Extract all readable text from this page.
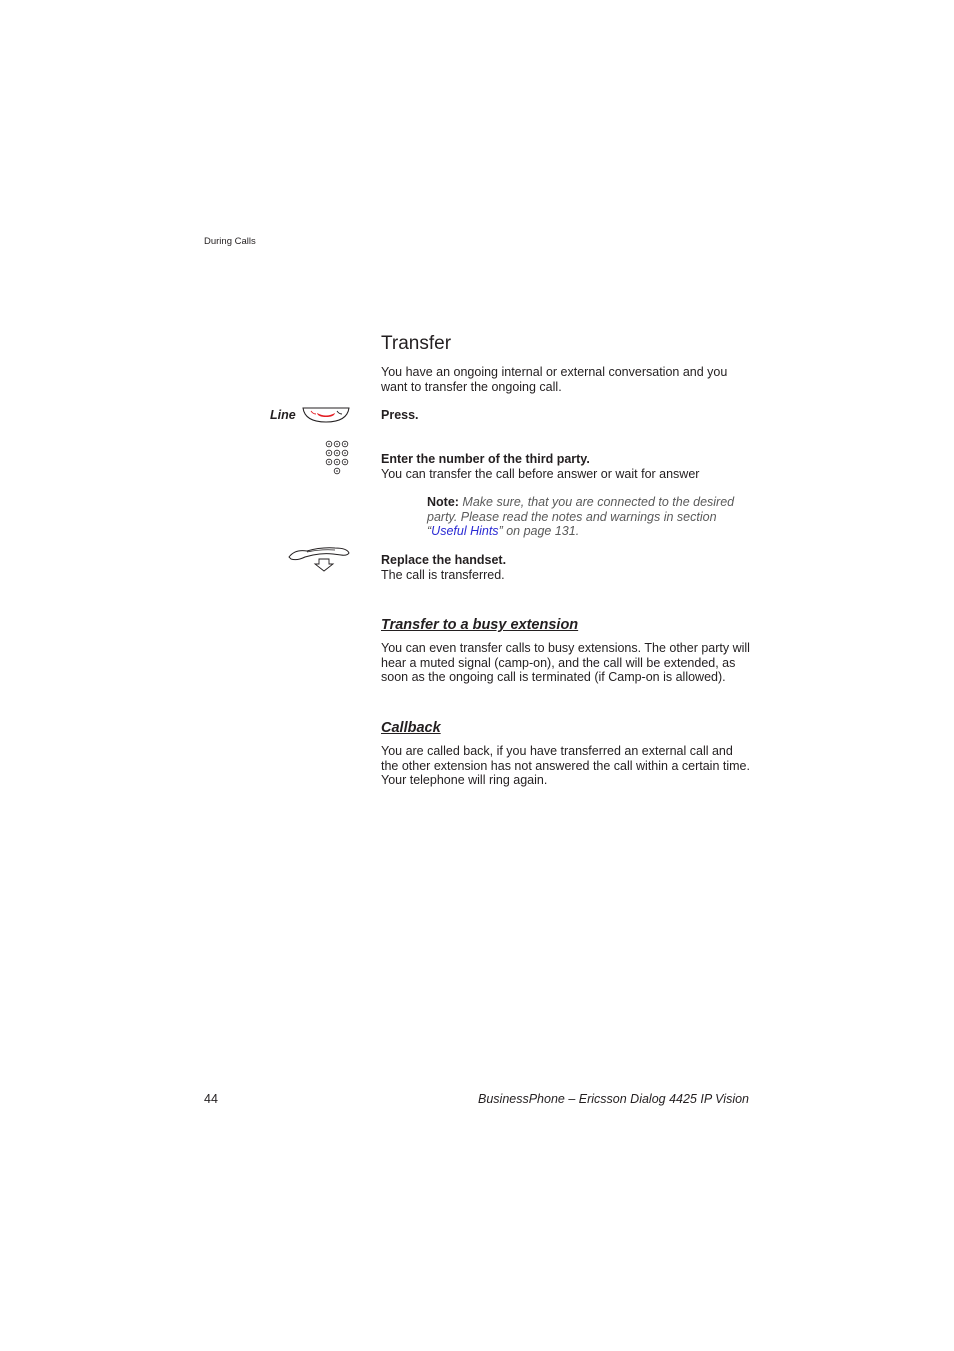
During Calls
Transfer

You have an ongoing internal or external conversation and you want to transfer the ongoing call.

Line	Press.
Enter the number of the third party.
You can transfer the call before answer or wait for answer
Note: Make sure, that you are connected to the desired party. Please read the notes and warnings in section “Useful Hints” on page 131.
Replace the handset.
The call is transferred.
Transfer to a busy extension

You can even transfer calls to busy extensions. The other party will hear a muted signal (camp-on), and the call will be extended, as soon as the ongoing call is terminated (if Camp-on is allowed).

Callback

You are called back, if you have transferred an external call and the other extension has not answered the call within a certain time. Your telephone will ring again.

44	BusinessPhone – Ericsson Dialog 4425 IP Vision
